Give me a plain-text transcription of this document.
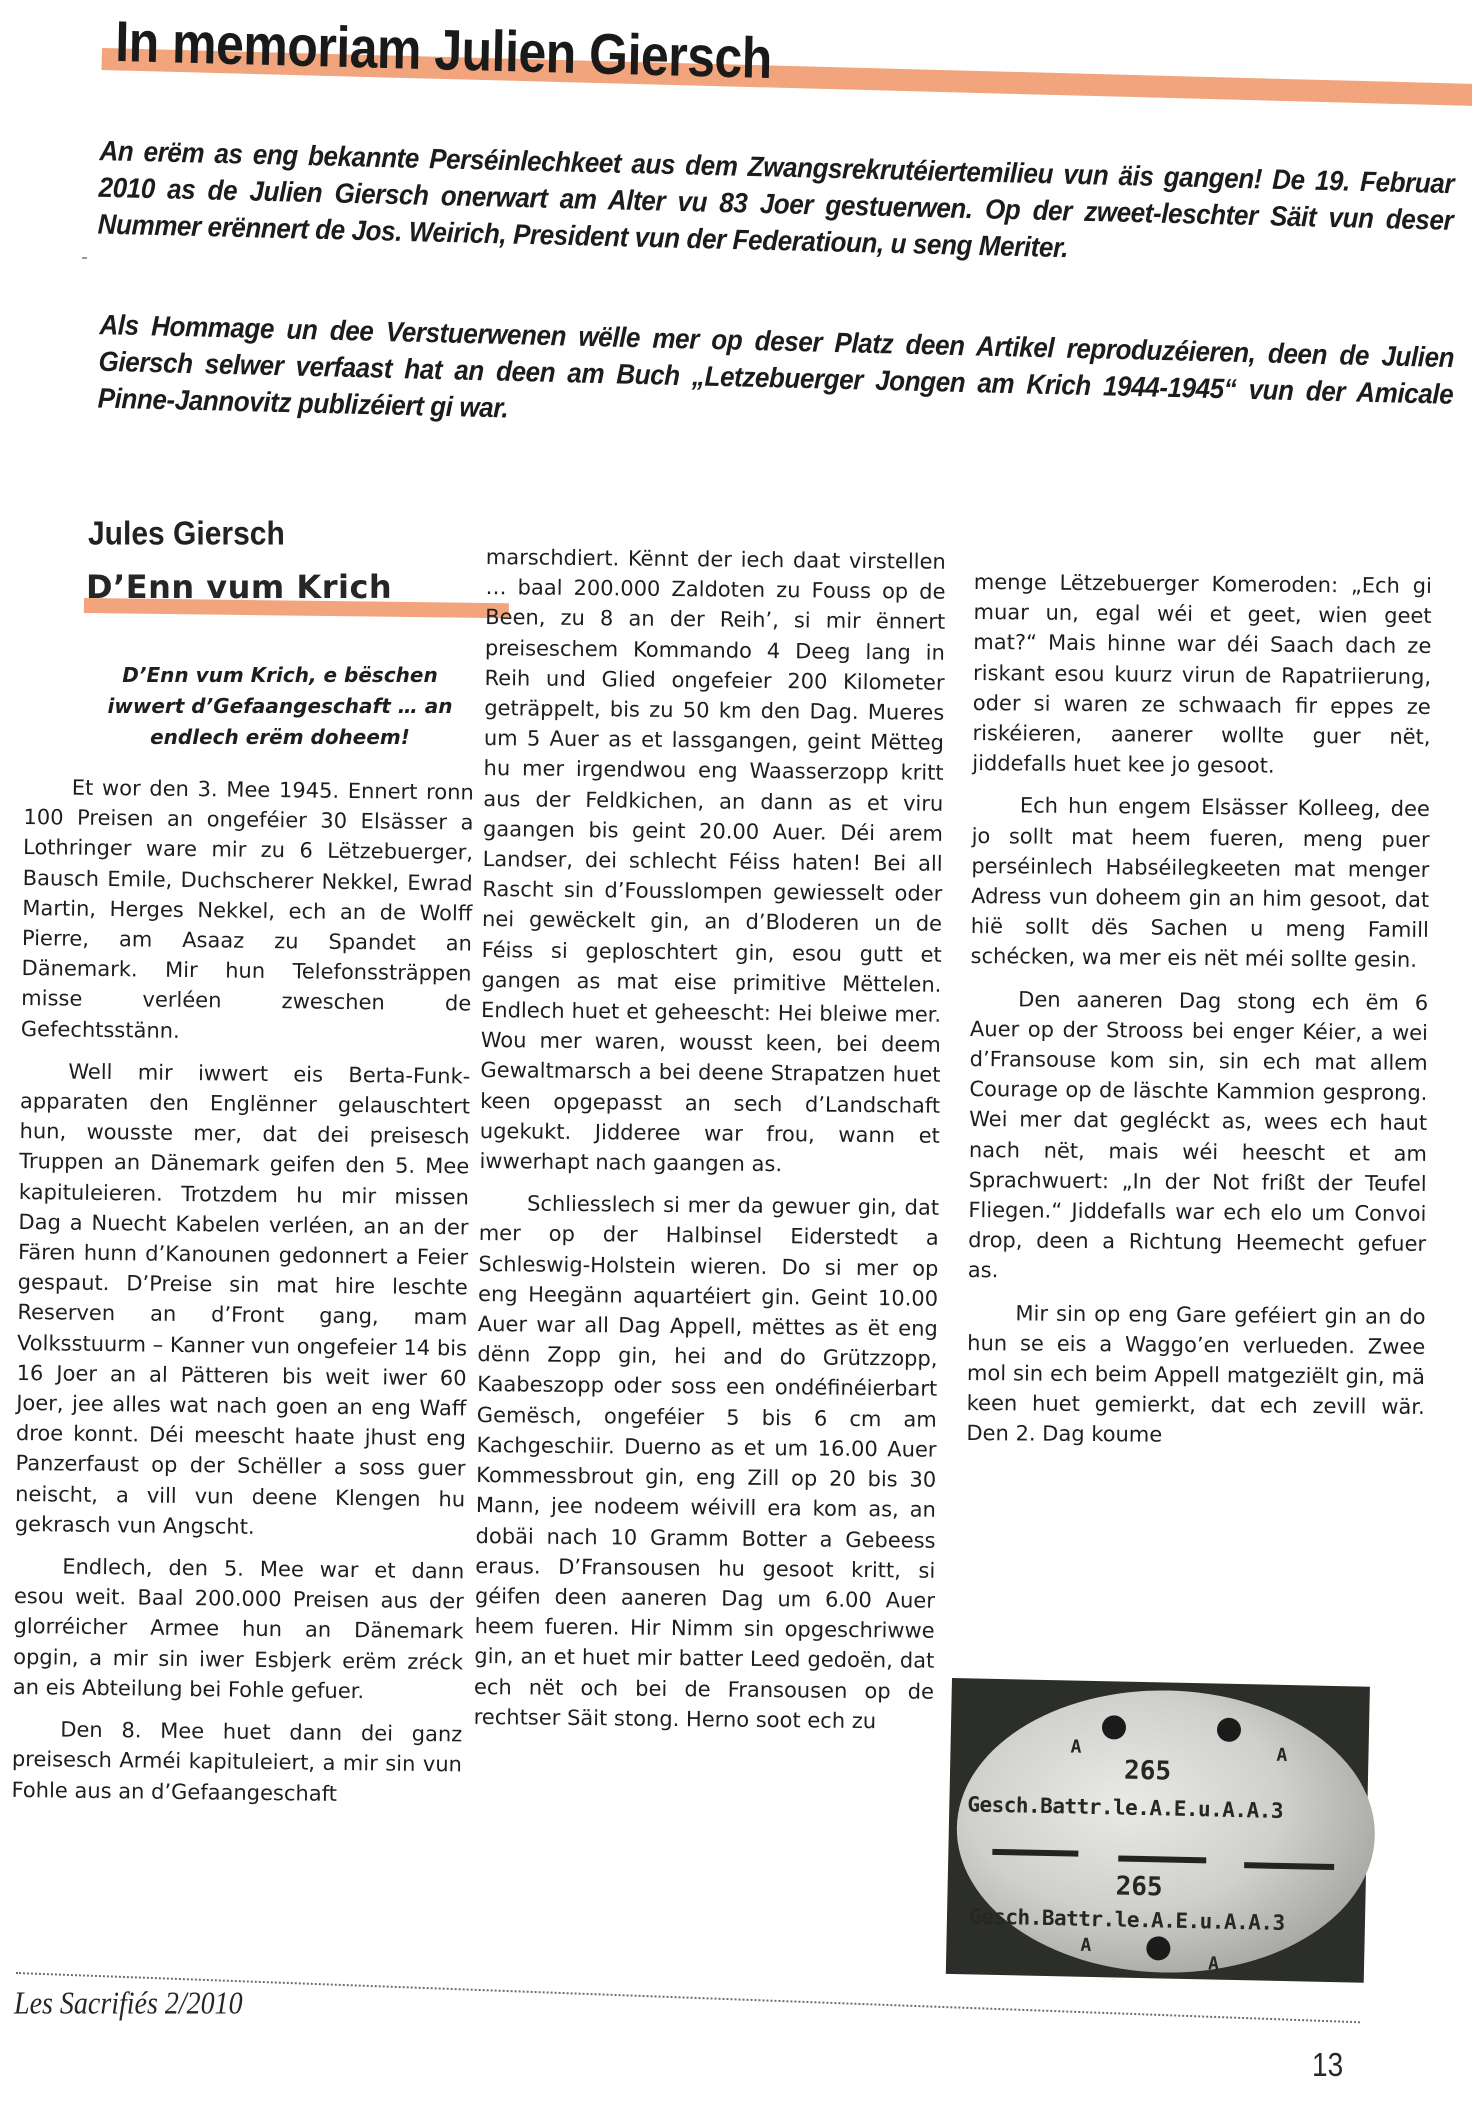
In memoriam Julien Giersch

An erëm as eng bekannte Perséinlechkeet aus dem Zwangsrekrutéiertemilieu vun äis gangen! De 19. Februar 2010 as de Julien Giersch onerwart am Alter vu 83 Joer gestuerwen. Op der zweet-leschter Säit vun deser Nummer erënnert de Jos. Weirich, President vun der Federatioun, u seng Meriter.

Als Hommage un dee Verstuerwenen wëlle mer op deser Platz deen Artikel reproduzéieren, deen de Julien Giersch selwer verfaast hat an deen am Buch „Letzebuerger Jongen am Krich 1944-1945“ vun der Amicale Pinne-Jannovitz publizéiert gi war.

Jules Giersch
D’Enn vum Krich
D’Enn vum Krich, e bëschen iwwert d’Gefaangeschaft … an endlech erëm doheem!

Et wor den 3. Mee 1945. Ennert ronn 100 Preisen an ongeféier 30 Elsässer a Lothringer ware mir zu 6 Lëtzebuerger, Bausch Emile, Duchscherer Nekkel, Ewrad Martin, Herges Nekkel, ech an de Wolff Pierre, am Asaaz zu Spandet an Dänemark. Mir hun Telefonssträppen misse verléen zweschen de Gefechtsstänn.

Well mir iwwert eis Berta-Funkapparaten den Englënner gelauschtert hun, wousste mer, dat dei preisesch Truppen an Dänemark geifen den 5. Mee kapituleieren. Trotzdem hu mir missen Dag a Nuecht Kabelen verléen, an an der Fären hunn d’Kanounen gedonnert a Feier gespaut. D’Preise sin mat hire leschte Reserven an d’Front gang, mam Volksstuurm – Kanner vun ongefeier 14 bis 16 Joer an al Pätteren bis weit iwer 60 Joer, jee alles wat nach goen an eng Waff droe konnt. Déi meescht haate jhust eng Panzerfaust op der Schëller a soss guer neischt, a vill vun deene Klengen hu gekrasch vun Angscht.

Endlech, den 5. Mee war et dann esou weit. Baal 200.000 Preisen aus der glorréicher Armee hun an Dänemark opgin, a mir sin iwer Esbjerk erëm zréck an eis Abteilung bei Fohle gefuer.

Den 8. Mee huet dann dei ganz preisesch Arméi kapituleiert, a mir sin vun Fohle aus an d’Gefaangeschaft

marschdiert. Kënnt der iech daat virstellen … baal 200.000 Zaldoten zu Fouss op de Been, zu 8 an der Reih’, si mir ënnert preiseschem Kommando 4 Deeg lang in Reih und Glied ongefeier 200 Kilometer geträppelt, bis zu 50 km den Dag. Mueres um 5 Auer as et lassgangen, geint Mëtteg hu mer irgendwou eng Waasserzopp kritt aus der Feldkichen, an dann as et viru gaangen bis geint 20.00 Auer. Déi arem Landser, dei schlecht Féiss haten! Bei all Rascht sin d’Fousslompen gewiesselt oder nei gewëckelt gin, an d’Bloderen un de Féiss si geploschtert gin, esou gutt et gangen as mat eise primitive Mëttelen. Endlech huet et geheescht: Hei bleiwe mer. Wou mer waren, wousst keen, bei deem Gewaltmarsch a bei deene Strapatzen huet keen opgepasst an sech d’Landschaft ugekukt. Jidderee war frou, wann et iwwerhapt nach gaangen as.

Schliesslech si mer da gewuer gin, dat mer op der Halbinsel Eiderstedt a Schleswig-Holstein wieren. Do si mer op eng Heegänn aquartéiert gin. Geint 10.00 Auer war all Dag Appell, mëttes as ët eng dënn Zopp gin, hei and do Grützzopp, Kaabeszopp oder soss een ondéfinéierbart Gemësch, ongeféier 5 bis 6 cm am Kachgeschiir. Duerno as et um 16.00 Auer Kommessbrout gin, eng Zill op 20 bis 30 Mann, jee nodeem wéivill era kom as, an dobäi nach 10 Gramm Botter a Gebeess eraus. D’Fransousen hu gesoot kritt, si géifen deen aaneren Dag um 6.00 Auer heem fueren. Hir Nimm sin opgeschriwwe gin, an et huet mir batter Leed gedoën, dat ech nët och bei de Fransousen op de rechtser Säit stong. Herno soot ech zu

menge Lëtzebuerger Komeroden: „Ech gi muar un, egal wéi et geet, wien geet mat?“ Mais hinne war déi Saach dach ze riskant esou kuurz virun de Rapatriierung, oder si waren ze schwaach fir eppes ze riskéieren, aanerer wollte guer nët, jiddefalls huet kee jo gesoot.

Ech hun engem Elsässer Kolleeg, dee jo sollt mat heem fueren, meng puer perséinlech Habséilegkeeten mat menger Adress vun doheem gin an him gesoot, dat hië sollt dës Sachen u meng Famill schécken, wa mer eis nët méi sollte gesin.

Den aaneren Dag stong ech ëm 6 Auer op der Strooss bei enger Kéier, a wei d’Fransouse kom sin, sin ech mat allem Courage op de läschte Kammion gesprong. Wei mer dat gegléckt as, wees ech haut nach nët, mais wéi heescht et am Sprachwuert: „In der Not frißt der Teufel Fliegen.“ Jiddefalls war ech elo um Convoi drop, deen a Richtung Heemecht gefuer as.

Mir sin op eng Gare geféiert gin an do hun se eis a Waggo’en verlueden. Zwee mol sin ech beim Appell matgeziëlt gin, mä keen huet gemierkt, dat ech zevill wär. Den 2. Dag koume

A	A
265
Gesch.Battr.le.A.E.u.A.A.3
265
Gesch.Battr.le.A.E.u.A.A.3
A
A
Les Sacrifiés 2/2010
13
